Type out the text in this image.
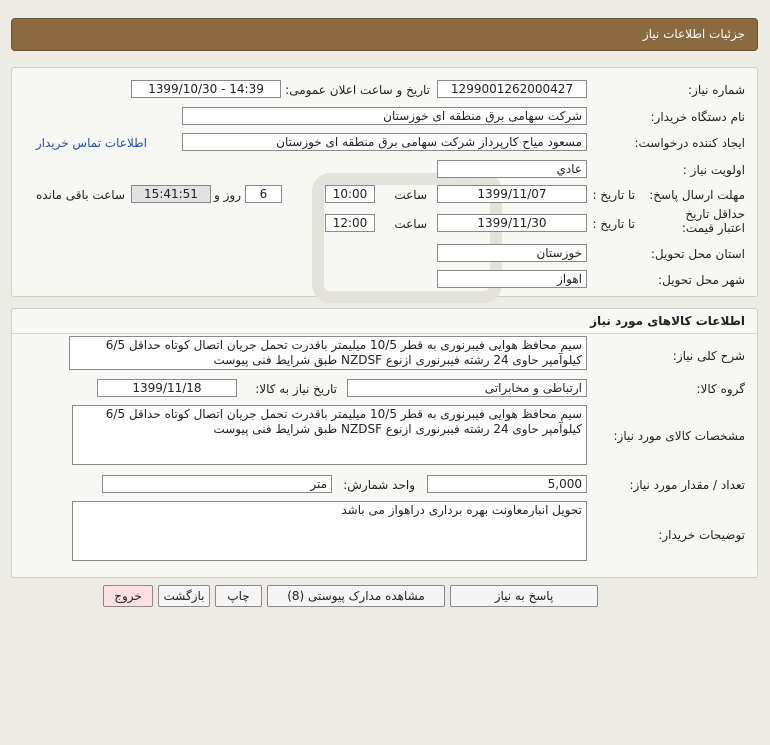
جزئیات اطلاعات نیاز
شماره نیاز:
1299001262000427
تاریخ و ساعت اعلان عمومی:
1399/10/30 - 14:39
نام دستگاه خریدار:
شرکت سهامی برق منطقه ای خوزستان
ایجاد کننده درخواست:
مسعود میاح کارپرداز شرکت سهامی برق منطقه ای خوزستان
اطلاعات تماس خریدار
اولویت نیاز :
عادي
مهلت ارسال پاسخ:
تا تاریخ :
1399/11/07
ساعت
10:00
6
روز و
15:41:51
ساعت باقی مانده
حداقل تاریخ اعتبار قیمت:
تا تاریخ :
1399/11/30
ساعت
12:00
استان محل تحویل:
خوزستان
شهر محل تحویل:
اهواز
اطلاعات کالاهای مورد نیاز
شرح کلی نیاز:
سیم محافظ هوایی فیبرنوری به قطر 10/5 میلیمتر باقدرت تحمل جریان اتصال کوتاه حداقل 6/5 کیلوآمپر حاوی 24 رشته فیبرنوری ازنوع NZDSF طبق شرایط فنی پیوست
گروه کالا:
ارتباطی و مخابراتی
تاریخ نیاز به کالا:
1399/11/18
مشخصات کالای مورد نیاز:
سیم محافظ هوایی فیبرنوری به قطر 10/5 میلیمتر باقدرت تحمل جریان اتصال کوتاه حداقل 6/5 کیلوآمپر حاوی 24 رشته فیبرنوری ازنوع NZDSF طبق شرایط فنی پیوست
تعداد / مقدار مورد نیاز:
5,000
واحد شمارش:
متر
توضیحات خریدار:
تحویل انبارمعاونت بهره برداری دراهواز می باشد
پاسخ به نیاز
مشاهده مدارک پیوستی (8)
چاپ
بازگشت
خروج
